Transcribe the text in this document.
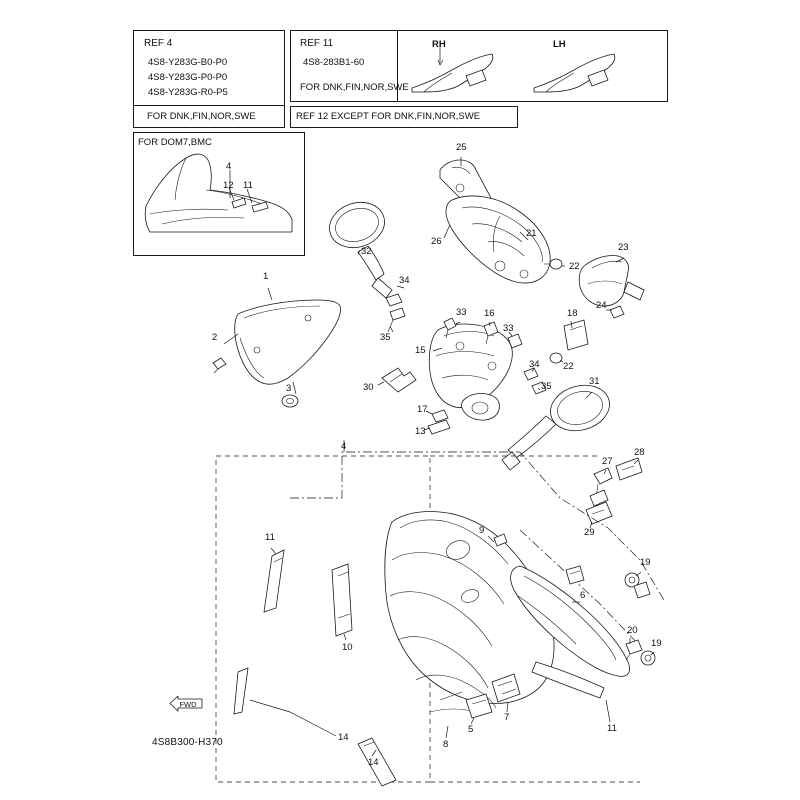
REF 4
4S8-Y283G-B0-P0
4S8-Y283G-P0-P0
4S8-Y283G-R0-P5
FOR DNK,FIN,NOR,SWE
REF 11
4S8-283B1-60
FOR DNK,FIN,NOR,SWE
RH	LH
REF 12 EXCEPT FOR DNK,FIN,NOR,SWE
FOR DOM7,BMC
4
12 11
FWD
4S8B300-H370
1
2
3
4
5
6
7
8
9
10
11
11
13
14
14
15
16
17
18
19
19
20
21
22
22
23
24
25
26
27
28
29
30
31
32
33
33
34
34
35
35
